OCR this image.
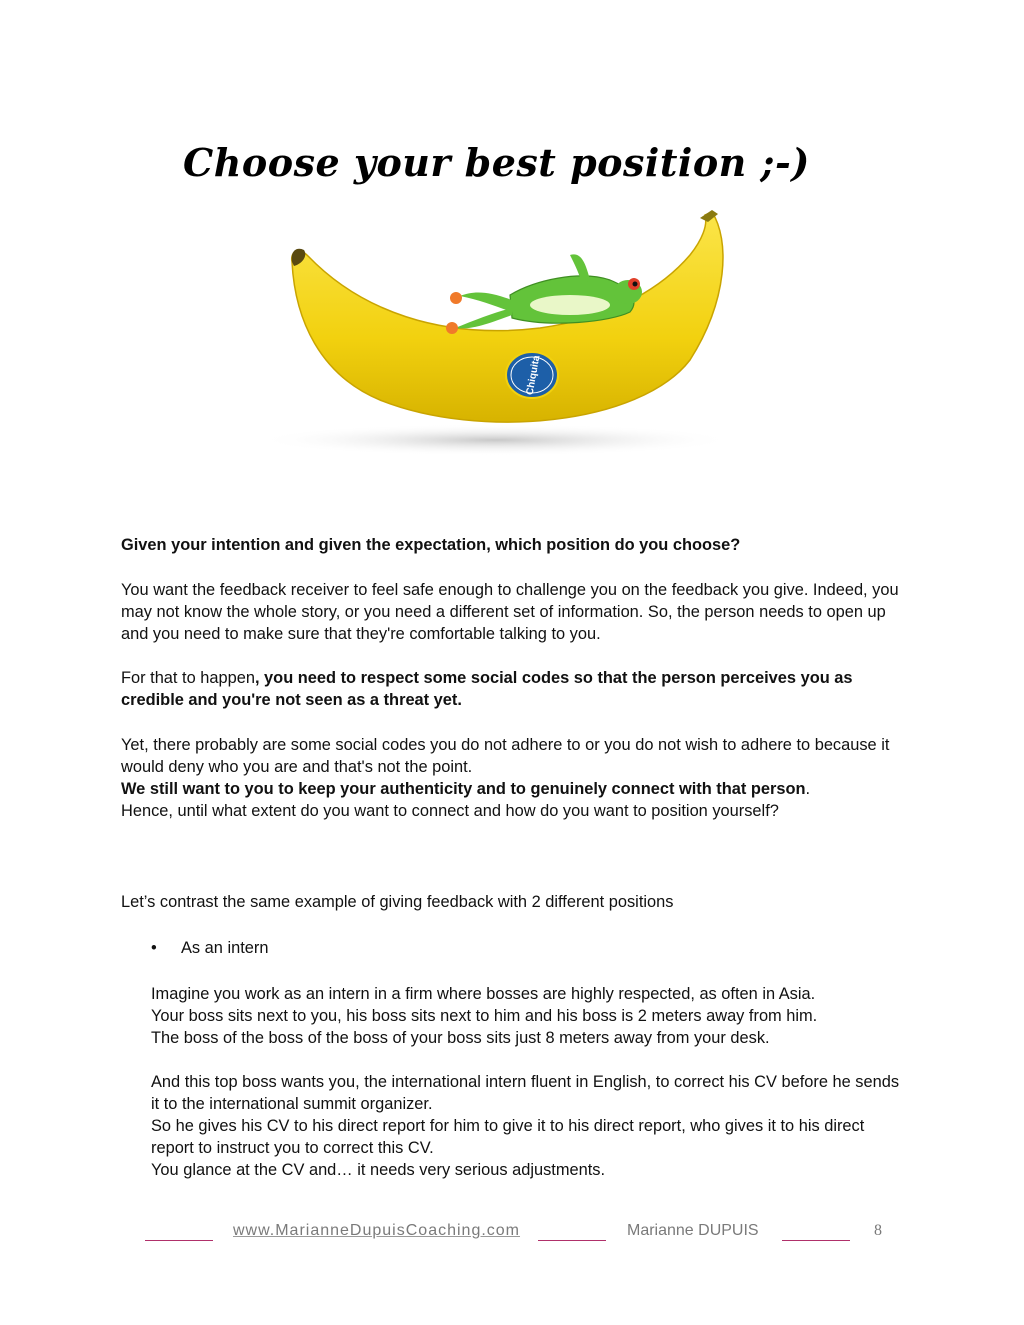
Choose your best position ;-)
Chiquita

Given your intention and given the expectation, which position do you choose?

You want the feedback receiver to feel safe enough to challenge you on the feedback you give. Indeed, you may not know the whole story, or you need a different set of information. So, the person needs to open up and you need to make sure that they're comfortable talking to you.

For that to happen, you need to respect some social codes so that the person perceives you as credible and you're not seen as a threat yet.

Yet, there probably are some social codes you do not adhere to or you do not wish to adhere to because it would deny who you are and that's not the point.
We still want to you to keep your authenticity and to genuinely connect with that person.
Hence, until what extent do you want to connect and how do you want to position yourself?

Let’s contrast the same example of giving feedback with 2 different positions

• As an intern

Imagine you work as an intern in a firm where bosses are highly respected, as often in Asia.
Your boss sits next to you, his boss sits next to him and his boss is 2 meters away from him.
The boss of the boss of the boss of your boss sits just 8 meters away from your desk.

And this top boss wants you, the international intern fluent in English, to correct his CV before he sends it to the international summit organizer.
So he gives his CV to his direct report for him to give it to his direct report, who gives it to his direct report to instruct you to correct this CV.
You glance at the CV and… it needs very serious adjustments.

www.MarianneDupuisCoaching.com	Marianne DUPUIS	8
